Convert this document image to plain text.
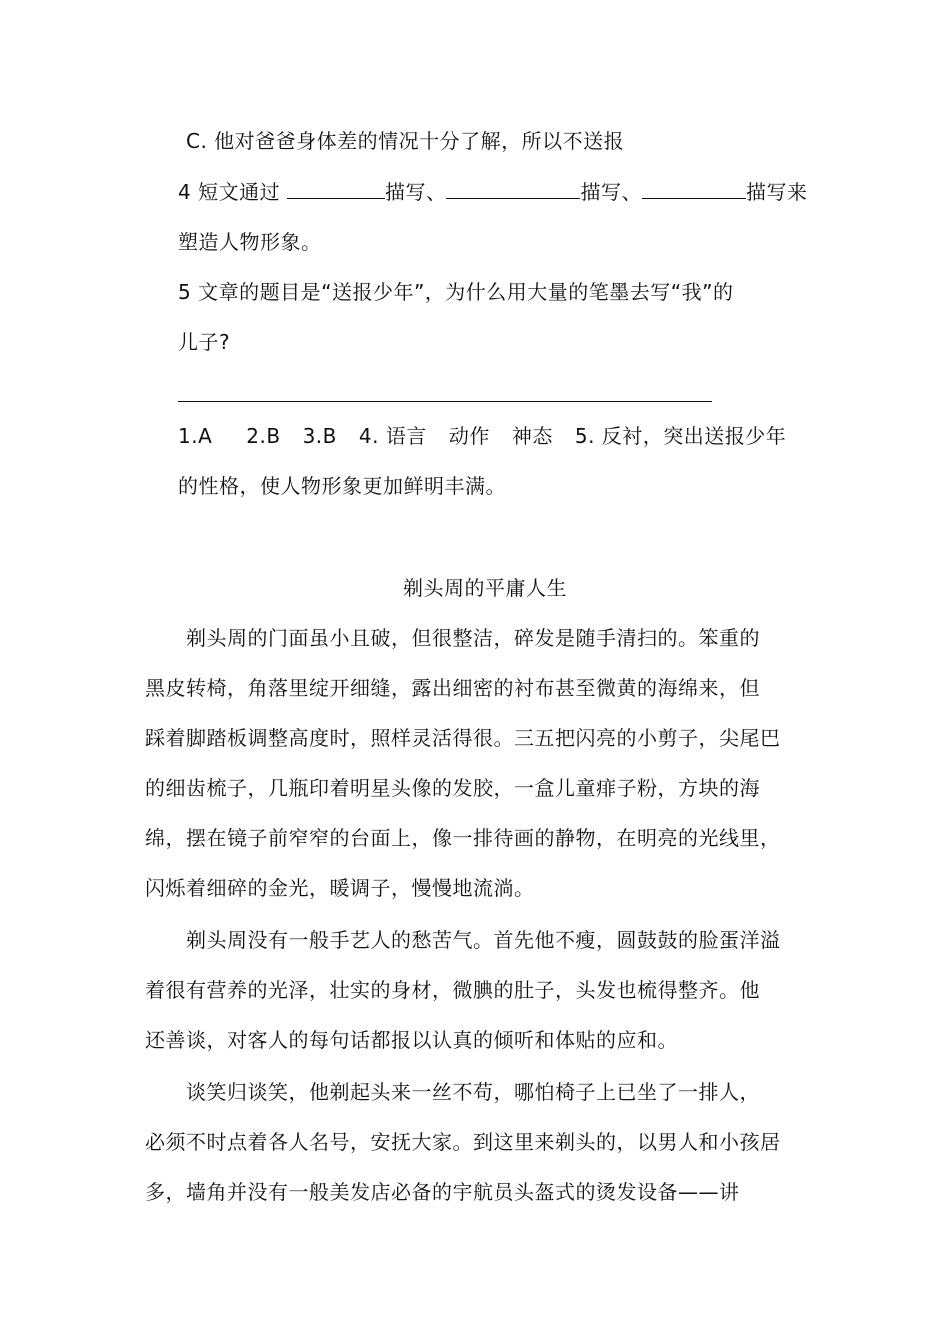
C. 他对爸爸身体差的情况十分了解，所以不送报
4 短文通过	描写、	描写、	描写来
塑造人物形象。
5 文章的题目是“送报少年”，为什么用大量的笔墨去写“我”的
儿子?
1.A 2.B 3.B 4. 语言 动作 神态 5. 反衬，突出送报少年
的性格，使人物形象更加鲜明丰满。
剃头周的平庸人生
剃头周的门面虽小且破，但很整洁，碎发是随手清扫的。笨重的
黑皮转椅，角落里绽开细缝，露出细密的衬布甚至微黄的海绵来，但
踩着脚踏板调整高度时，照样灵活得很。三五把闪亮的小剪子，尖尾巴
的细齿梳子，几瓶印着明星头像的发胶，一盒儿童痱子粉，方块的海
绵，摆在镜子前窄窄的台面上，像一排待画的静物，在明亮的光线里，
闪烁着细碎的金光，暖调子，慢慢地流淌。
剃头周没有一般手艺人的愁苦气。首先他不瘦，圆鼓鼓的脸蛋洋溢
着很有营养的光泽，壮实的身材，微腆的肚子，头发也梳得整齐。他
还善谈，对客人的每句话都报以认真的倾听和体贴的应和。
谈笑归谈笑，他剃起头来一丝不苟，哪怕椅子上已坐了一排人，
必须不时点着各人名号，安抚大家。到这里来剃头的，以男人和小孩居
多，墙角并没有一般美发店必备的宇航员头盔式的烫发设备——讲
